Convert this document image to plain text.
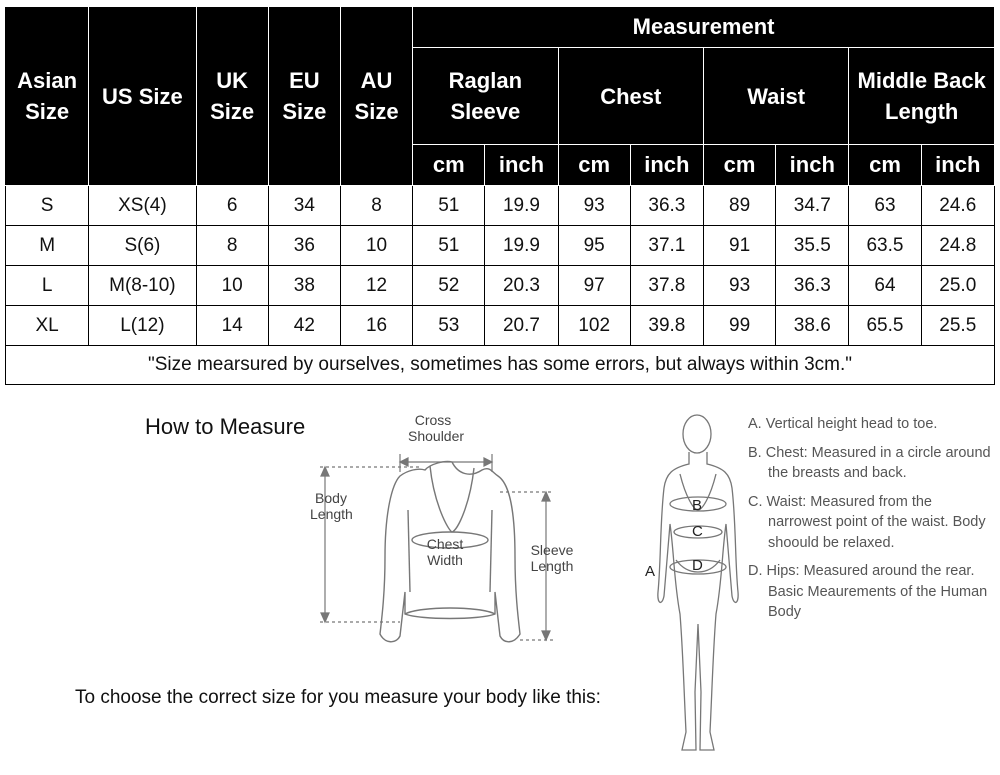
Asian Size	US Size	UK Size	EU Size	AU Size	Measurement							
					Raglan Sleeve		Chest		Waist		Middle Back Length	
					cm	inch	cm	inch	cm	inch	cm	inch
S	XS(4)	6	34	8	51	19.9	93	36.3	89	34.7	63	24.6
M	S(6)	8	36	10	51	19.9	95	37.1	91	35.5	63.5	24.8
L	M(8-10)	10	38	12	52	20.3	97	37.8	93	36.3	64	25.0
XL	L(12)	14	42	16	53	20.7	102	39.8	99	38.6	65.5	25.5
"Size mearsured by ourselves, sometimes has some errors, but always within 3cm."												
How to Measure	Cross Shoulder
Body Length
Chest Width
Sleeve Length
B
C
D
A

A. Vertical height head to toe.

B. Chest: Measured in a circle around the breasts and back.

C. Waist: Measured from the narrowest point of the waist. Body shoould be relaxed.

D. Hips: Measured around the rear. Basic Meaurements of the Human Body

To choose the correct size for you measure your body like this:
